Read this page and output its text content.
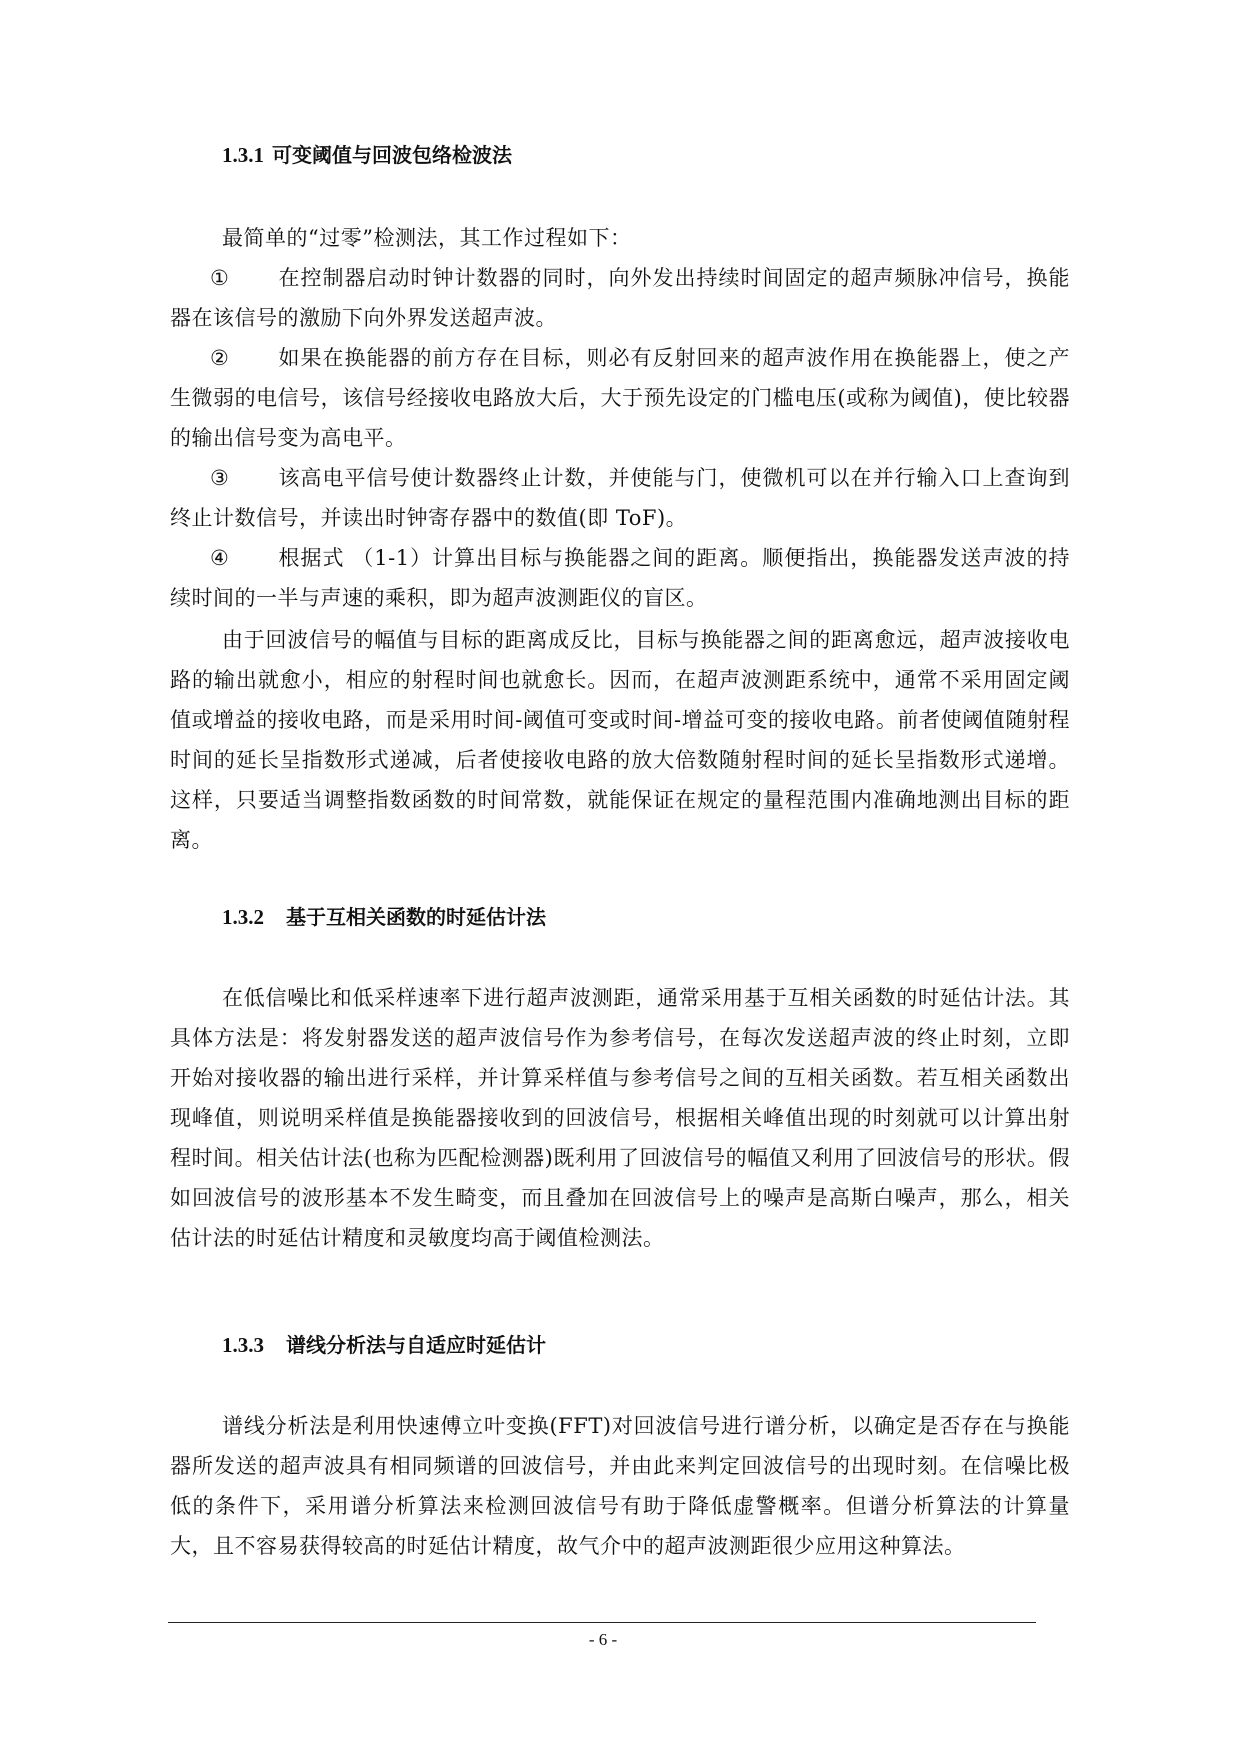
1.3.1 可变阈值与回波包络检波法

最简单的“过零”检测法，其工作过程如下：

① 在控制器启动时钟计数器的同时，向外发出持续时间固定的超声频脉冲信号，换能器在该信号的激励下向外界发送超声波。

② 如果在换能器的前方存在目标，则必有反射回来的超声波作用在换能器上，使之产生微弱的电信号，该信号经接收电路放大后，大于预先设定的门槛电压(或称为阈值)，使比较器的输出信号变为高电平。

③ 该高电平信号使计数器终止计数，并使能与门，使微机可以在并行输入口上查询到终止计数信号，并读出时钟寄存器中的数值(即 ToF)。

④ 根据式 （1-1）计算出目标与换能器之间的距离。顺便指出，换能器发送声波的持续时间的一半与声速的乘积，即为超声波测距仪的盲区。

由于回波信号的幅值与目标的距离成反比，目标与换能器之间的距离愈远，超声波接收电路的输出就愈小，相应的射程时间也就愈长。因而，在超声波测距系统中，通常不采用固定阈值或增益的接收电路，而是采用时间-阈值可变或时间-增益可变的接收电路。前者使阈值随射程时间的延长呈指数形式递减，后者使接收电路的放大倍数随射程时间的延长呈指数形式递增。这样，只要适当调整指数函数的时间常数，就能保证在规定的量程范围内准确地测出目标的距离。

1.3.2 基于互相关函数的时延估计法

在低信噪比和低采样速率下进行超声波测距，通常采用基于互相关函数的时延估计法。其具体方法是：将发射器发送的超声波信号作为参考信号，在每次发送超声波的终止时刻，立即开始对接收器的输出进行采样，并计算采样值与参考信号之间的互相关函数。若互相关函数出现峰值，则说明采样值是换能器接收到的回波信号，根据相关峰值出现的时刻就可以计算出射程时间。相关估计法(也称为匹配检测器)既利用了回波信号的幅值又利用了回波信号的形状。假如回波信号的波形基本不发生畸变，而且叠加在回波信号上的噪声是高斯白噪声，那么，相关估计法的时延估计精度和灵敏度均高于阈值检测法。

1.3.3 谱线分析法与自适应时延估计

谱线分析法是利用快速傅立叶变换(FFT)对回波信号进行谱分析，以确定是否存在与换能器所发送的超声波具有相同频谱的回波信号，并由此来判定回波信号的出现时刻。在信噪比极低的条件下，采用谱分析算法来检测回波信号有助于降低虚警概率。但谱分析算法的计算量大，且不容易获得较高的时延估计精度，故气介中的超声波测距很少应用这种算法。

- 6 -
